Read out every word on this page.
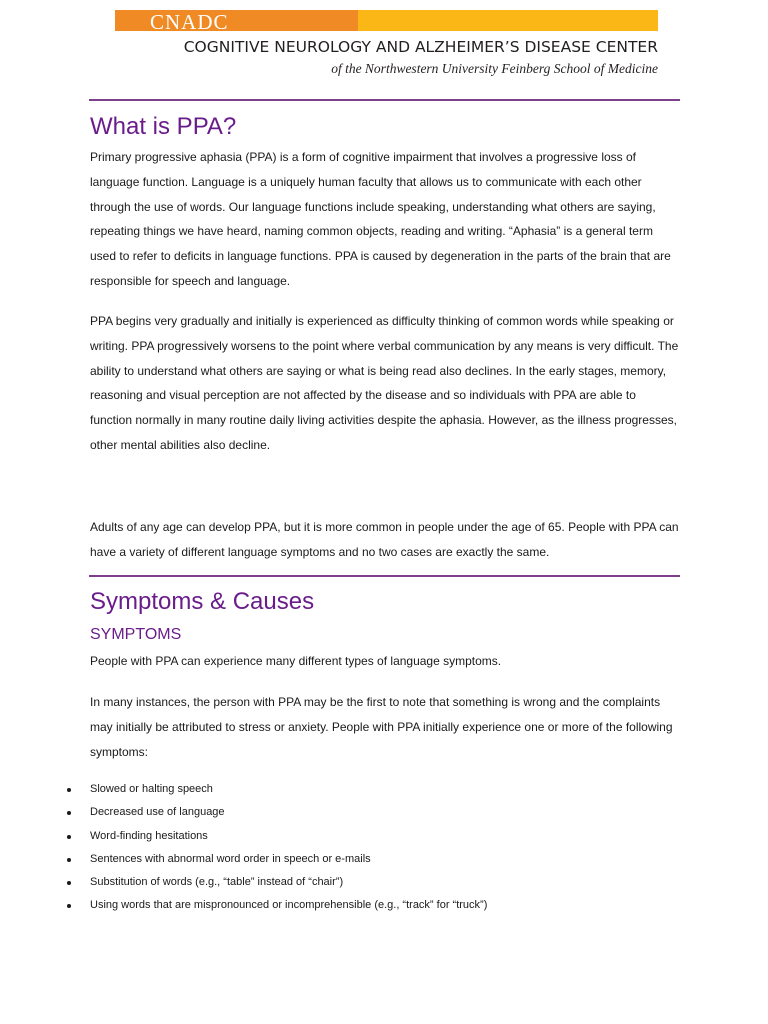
CNADC
COGNITIVE NEUROLOGY AND ALZHEIMER’S DISEASE CENTER
of the Northwestern University Feinberg School of Medicine
What is PPA?

Primary progressive aphasia (PPA) is a form of cognitive impairment that involves a progressive loss of language function. Language is a uniquely human faculty that allows us to communicate with each other through the use of words. Our language functions include speaking, understanding what others are saying, repeating things we have heard, naming common objects, reading and writing. “Aphasia” is a general term used to refer to deficits in language functions. PPA is caused by degeneration in the parts of the brain that are responsible for speech and language.

PPA begins very gradually and initially is experienced as difficulty thinking of common words while speaking or writing. PPA progressively worsens to the point where verbal communication by any means is very difficult. The ability to understand what others are saying or what is being read also declines. In the early stages, memory, reasoning and visual perception are not affected by the disease and so individuals with PPA are able to function normally in many routine daily living activities despite the aphasia. However, as the illness progresses, other mental abilities also decline.

Adults of any age can develop PPA, but it is more common in people under the age of 65. People with PPA can have a variety of different language symptoms and no two cases are exactly the same.

Symptoms & Causes
SYMPTOMS

People with PPA can experience many different types of language symptoms.

In many instances, the person with PPA may be the first to note that something is wrong and the complaints may initially be attributed to stress or anxiety. People with PPA initially experience one or more of the following symptoms:

Slowed or halting speech
Decreased use of language
Word-finding hesitations
Sentences with abnormal word order in speech or e-mails
Substitution of words (e.g., “table” instead of “chair”)
Using words that are mispronounced or incomprehensible (e.g., “track” for “truck”)
